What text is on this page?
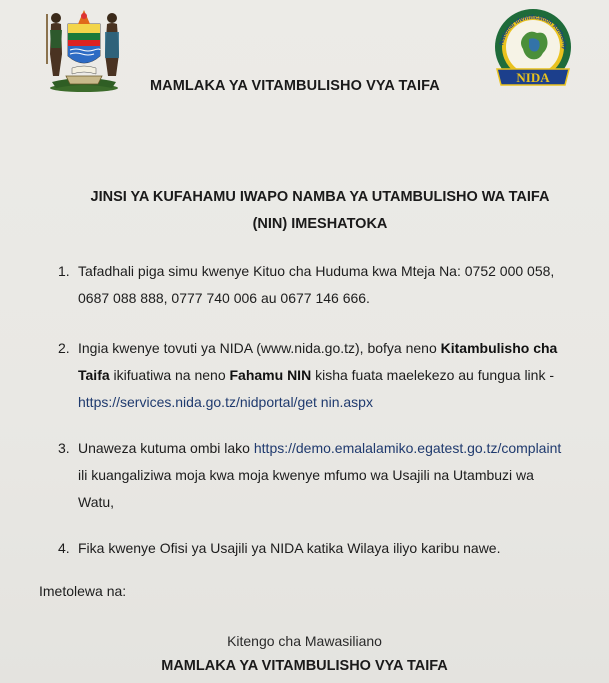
MAMLAKA YA VITAMBULISHO VYA TAIFA
National Identification Authority
NIDA
JINSI YA KUFAHAMU IWAPO NAMBA YA UTAMBULISHO WA TAIFA
(NIN) IMESHATOKA
1. Tafadhali piga simu kwenye Kituo cha Huduma kwa Mteja Na: 0752 000 058,
0687 088 888, 0777 740 006 au 0677 146 666.
2. Ingia kwenye tovuti ya NIDA (www.nida.go.tz), bofya neno Kitambulisho cha
Taifa ikifuatiwa na neno Fahamu NIN kisha fuata maelekezo au fungua link -
https://services.nida.go.tz/nidportal/get nin.aspx
3. Unaweza kutuma ombi lako https://demo.emalalamiko.egatest.go.tz/complaint
ili kuangaliziwa moja kwa moja kwenye mfumo wa Usajili na Utambuzi wa
Watu,
4. Fika kwenye Ofisi ya Usajili ya NIDA katika Wilaya iliyo karibu nawe.
Imetolewa na:
Kitengo cha Mawasiliano
MAMLAKA YA VITAMBULISHO VYA TAIFA
